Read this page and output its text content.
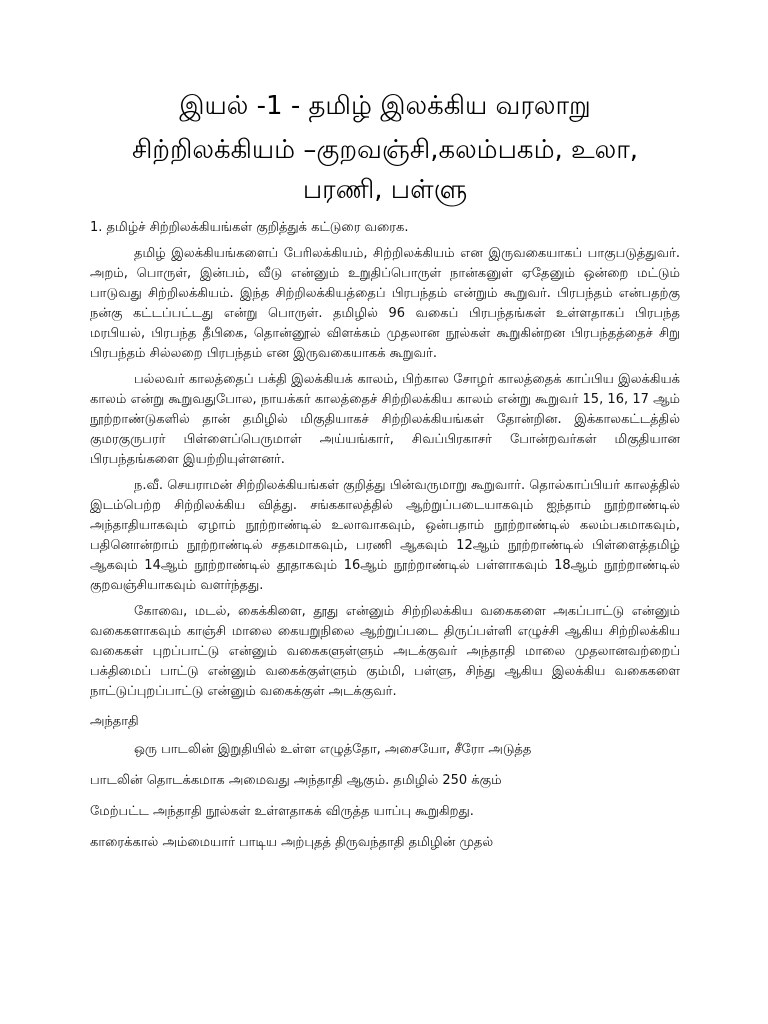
இயல் -1 - தமிழ் இலக்கிய வரலாறு
சிற்றிலக்கியம் –குறவஞ்சி,கலம்பகம், உலா,
பரணி, பள்ளு

1. தமிழ்ச் சிற்றிலக்கியங்கள் குறித்துக் கட்டுரை வரைக.

தமிழ் இலக்கியங்களைப் பேரிலக்கியம், சிற்றிலக்கியம் என இருவகையாகப் பாகுபடுத்துவர். அறம், பொருள், இன்பம், வீடு என்னும் உறுதிப்பொருள் நான்கனுள் ஏதேனும் ஒன்றை மட்டும் பாடுவது சிற்றிலக்கியம். இந்த சிற்றிலக்கியத்தைப் பிரபந்தம் என்றும் கூறுவர். பிரபந்தம் என்பதற்கு நன்கு கட்டப்பட்டது என்று பொருள். தமிழில் 96 வகைப் பிரபந்தங்கள் உள்ளதாகப் பிரபந்த மரபியல், பிரபந்த தீபிகை, தொன்னூல் விளக்கம் முதலான நூல்கள் கூறுகின்றன பிரபந்தத்தைச் சிறு பிரபந்தம் சில்லறை பிரபந்தம் என இருவகையாகக் கூறுவர்.

பல்லவர் காலத்தைப் பக்தி இலக்கியக் காலம், பிற்கால சோழர் காலத்தைக் காப்பிய இலக்கியக் காலம் என்று கூறுவதுபோல, நாயக்கர் காலத்தைச் சிற்றிலக்கிய காலம் என்று கூறுவர் 15, 16, 17 ஆம் நூற்றாண்டுகளில் தான் தமிழில் மிகுதியாகச் சிற்றிலக்கியங்கள் தோன்றின. இக்காலகட்டத்தில் குமரகுருபரர் பிள்ளைப்பெருமாள் அய்யங்கார், சிவப்பிரகாசர் போன்றவர்கள் மிகுதியான பிரபந்தங்களை இயற்றியுள்ளனர்.

ந.வீ. செயராமன் சிற்றிலக்கியங்கள் குறித்து பின்வருமாறு கூறுவார். தொல்காப்பியர் காலத்தில் இடம்பெற்ற சிற்றிலக்கிய வித்து. சங்ககாலத்தில் ஆற்றுப்படையாகவும் ஐந்தாம் நூற்றாண்டில் அந்தாதியாகவும் ஏழாம் நூற்றாண்டில் உலாவாகவும், ஒன்பதாம் நூற்றாண்டில் கலம்பகமாகவும், பதினொன்றாம் நூற்றாண்டில் சதகமாகவும், பரணி ஆகவும் 12ஆம் நூற்றாண்டில் பிள்ளைத்தமிழ் ஆகவும் 14ஆம் நூற்றாண்டில் தூதாகவும் 16ஆம் நூற்றாண்டில் பள்ளாகவும் 18ஆம் நூற்றாண்டில் குறவஞ்சியாகவும் வளர்ந்தது.

கோவை, மடல், கைக்கிளை, தூது என்னும் சிற்றிலக்கிய வகைகளை அகப்பாட்டு என்னும் வகைகளாகவும் காஞ்சி மாலை கையறுநிலை ஆற்றுப்படை திருப்பள்ளி எழுச்சி ஆகிய சிற்றிலக்கிய வகைகள் புறப்பாட்டு என்னும் வகைகளுள்ளும் அடக்குவர் அந்தாதி மாலை முதலானவற்றைப் பக்திமைப் பாட்டு என்னும் வகைக்குள்ளும் கும்மி, பள்ளு, சிந்து ஆகிய இலக்கிய வகைகளை நாட்டுப்புறப்பாட்டு என்னும் வகைக்குள் அடக்குவர்.

அந்தாதி

ஒரு பாடலின் இறுதியில் உள்ள எழுத்தோ, அசையோ, சீரோ அடுத்த
பாடலின் தொடக்கமாக அமைவது அந்தாதி ஆகும். தமிழில் 250 க்கும்
மேற்பட்ட அந்தாதி நூல்கள் உள்ளதாகக் விருத்த யாப்பு கூறுகிறது.
காரைக்கால் அம்மையார் பாடிய அற்புதத் திருவந்தாதி தமிழின் முதல்
